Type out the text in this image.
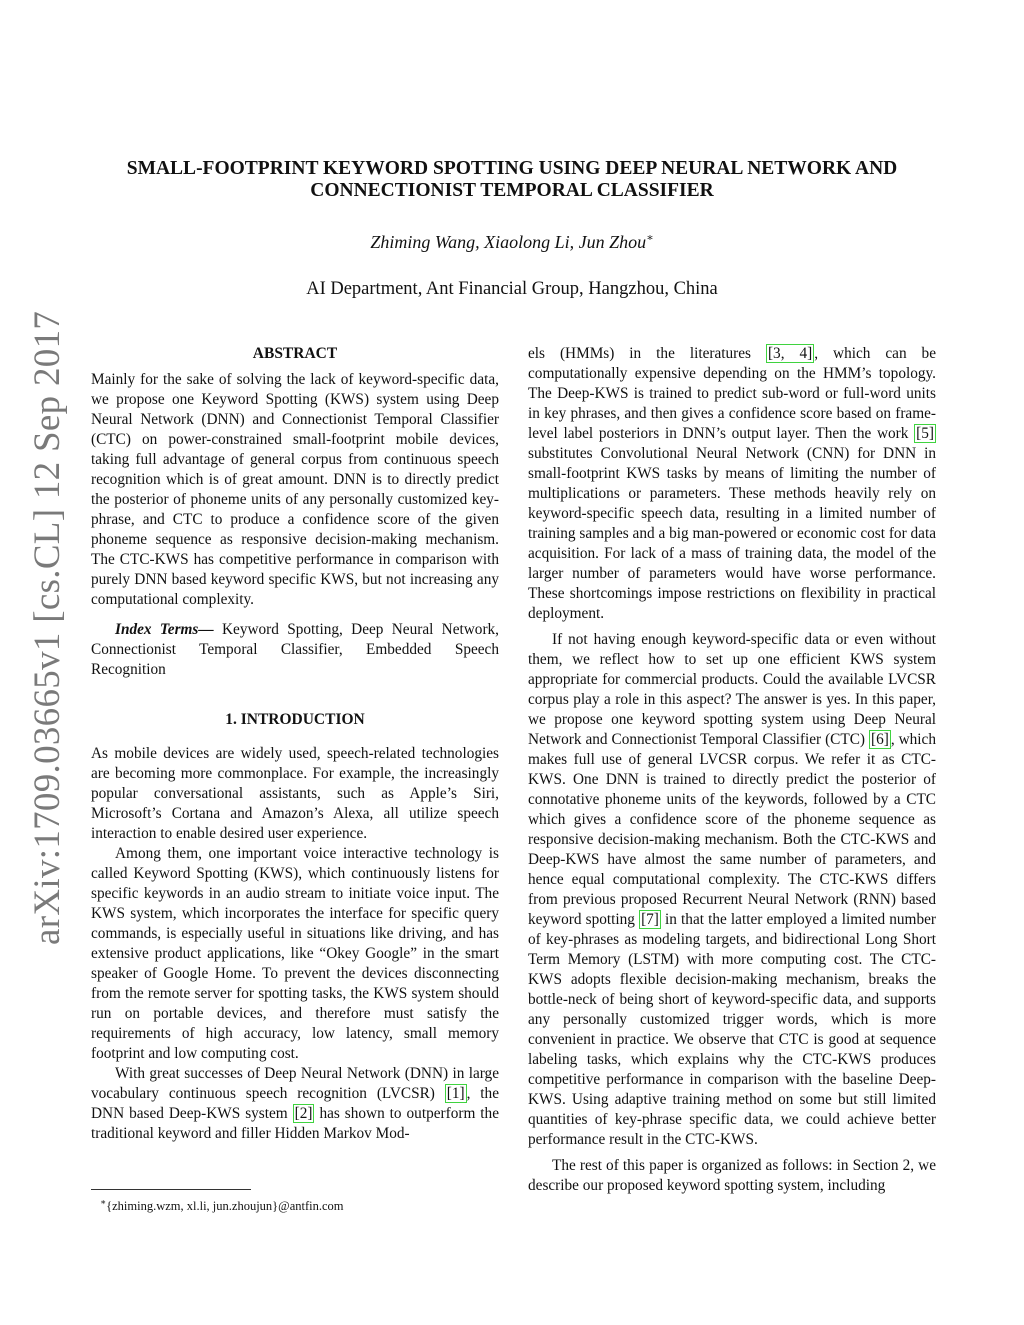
arXiv:1709.03665v1 [cs.CL] 12 Sep 2017
SMALL-FOOTPRINT KEYWORD SPOTTING USING DEEP NEURAL NETWORK AND
CONNECTIONIST TEMPORAL CLASSIFIER
Zhiming Wang, Xiaolong Li, Jun Zhou∗
AI Department, Ant Financial Group, Hangzhou, China
ABSTRACT

Mainly for the sake of solving the lack of keyword-specific data, we propose one Keyword Spotting (KWS) system using Deep Neural Network (DNN) and Connectionist Temporal Classifier (CTC) on power-constrained small-footprint mobile devices, taking full advantage of general corpus from continuous speech recognition which is of great amount. DNN is to directly predict the posterior of phoneme units of any personally customized key-phrase, and CTC to produce a confidence score of the given phoneme sequence as responsive decision-making mechanism. The CTC-KWS has competitive performance in comparison with purely DNN based keyword specific KWS, but not increasing any computational complexity.

Index Terms— Keyword Spotting, Deep Neural Network, Connectionist Temporal Classifier, Embedded Speech Recognition

1. INTRODUCTION

As mobile devices are widely used, speech-related technologies are becoming more commonplace. For example, the increasingly popular conversational assistants, such as Apple’s Siri, Microsoft’s Cortana and Amazon’s Alexa, all utilize speech interaction to enable desired user experience.

Among them, one important voice interactive technology is called Keyword Spotting (KWS), which continuously listens for specific keywords in an audio stream to initiate voice input. The KWS system, which incorporates the interface for specific query commands, is especially useful in situations like driving, and has extensive product applications, like “Okey Google” in the smart speaker of Google Home. To prevent the devices disconnecting from the remote server for spotting tasks, the KWS system should run on portable devices, and therefore must satisfy the requirements of high accuracy, low latency, small memory footprint and low computing cost.

With great successes of Deep Neural Network (DNN) in large vocabulary continuous speech recognition (LVCSR) [1] , the DNN based Deep-KWS system [2] has shown to outperform the traditional keyword and filler Hidden Markov Mod-

els (HMMs) in the literatures [3, 4] , which can be computationally expensive depending on the HMM’s topology. The Deep-KWS is trained to predict sub-word or full-word units in key phrases, and then gives a confidence score based on frame-level label posteriors in DNN’s output layer. Then the work [5] substitutes Convolutional Neural Network (CNN) for DNN in small-footprint KWS tasks by means of limiting the number of multiplications or parameters. These methods heavily rely on keyword-specific speech data, resulting in a limited number of training samples and a big man-powered or economic cost for data acquisition. For lack of a mass of training data, the model of the larger number of parameters would have worse performance. These shortcomings impose restrictions on flexibility in practical deployment.

If not having enough keyword-specific data or even without them, we reflect how to set up one efficient KWS system appropriate for commercial products. Could the available LVCSR corpus play a role in this aspect? The answer is yes. In this paper, we propose one keyword spotting system using Deep Neural Network and Connectionist Temporal Classifier (CTC) [6] , which makes full use of general LVCSR corpus. We refer it as CTC-KWS. One DNN is trained to directly predict the posterior of connotative phoneme units of the keywords, followed by a CTC which gives a confidence score of the phoneme sequence as responsive decision-making mechanism. Both the CTC-KWS and Deep-KWS have almost the same number of parameters, and hence equal computational complexity. The CTC-KWS differs from previous proposed Recurrent Neural Network (RNN) based keyword spotting [7] in that the latter employed a limited number of key-phrases as modeling targets, and bidirectional Long Short Term Memory (LSTM) with more computing cost. The CTC-KWS adopts flexible decision-making mechanism, breaks the bottle-neck of being short of keyword-specific data, and supports any personally customized trigger words, which is more convenient in practice. We observe that CTC is good at sequence labeling tasks, which explains why the CTC-KWS produces competitive performance in comparison with the baseline Deep-KWS. Using adaptive training method on some but still limited quantities of key-phrase specific data, we could achieve better performance result in the CTC-KWS.

The rest of this paper is organized as follows: in Section 2, we describe our proposed keyword spotting system, including

∗{zhiming.wzm, xl.li, jun.zhoujun}@antfin.com
